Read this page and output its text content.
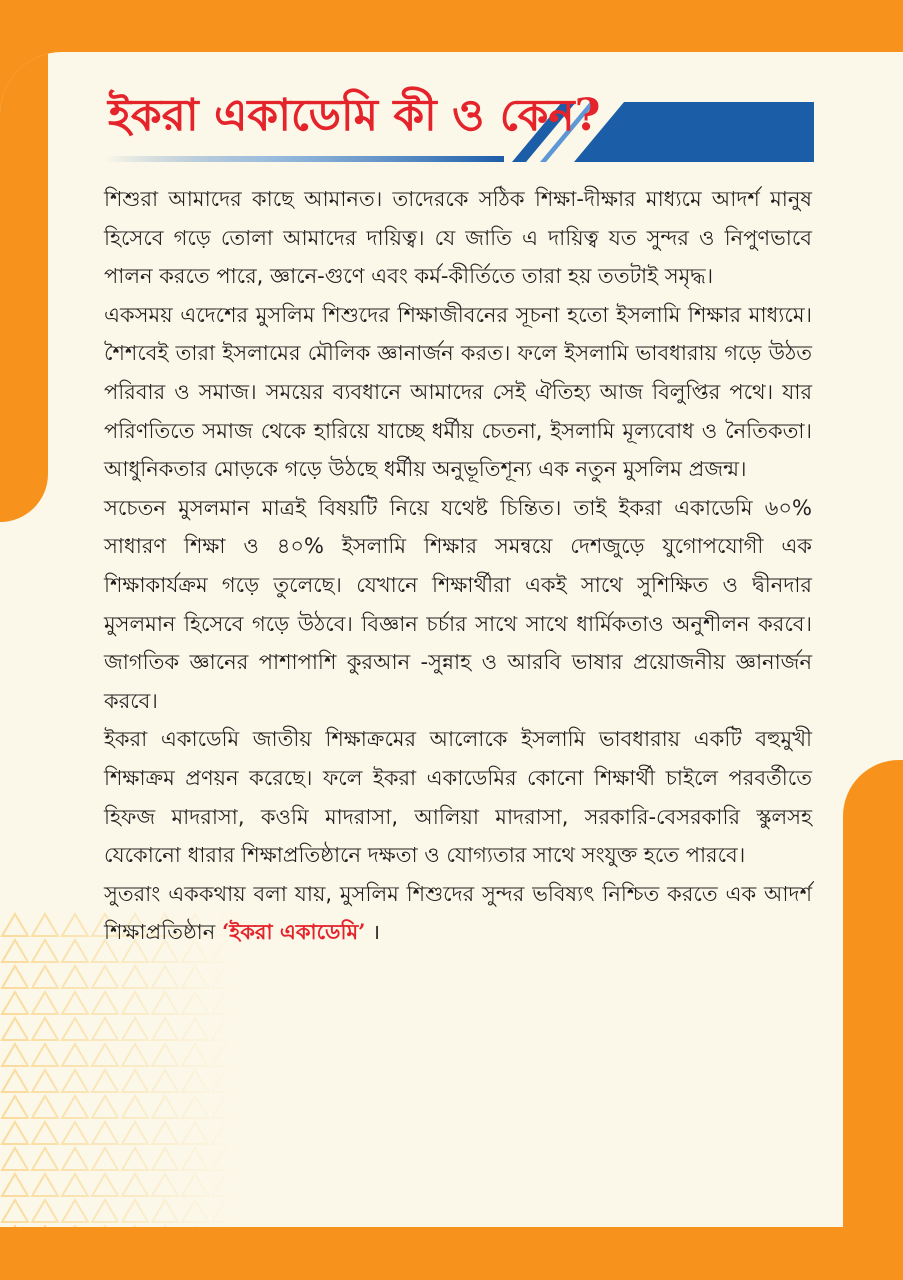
ইকরা একাডেমি কী ও কেন?

শিশুরা আমাদের কাছে আমানত। তাদেরকে সঠিক শিক্ষা-দীক্ষার মাধ্যমে আদর্শ মানুষ হিসেবে গড়ে তোলা আমাদের দায়িত্ব। যে জাতি এ দায়িত্ব যত সুন্দর ও নিপুণভাবে পালন করতে পারে, জ্ঞানে-গুণে এবং কর্ম-কীর্তিতে তারা হয় ততটাই সমৃদ্ধ।

একসময় এদেশের মুসলিম শিশুদের শিক্ষাজীবনের সূচনা হতো ইসলামি শিক্ষার মাধ্যমে। শৈশবেই তারা ইসলামের মৌলিক জ্ঞানার্জন করত। ফলে ইসলামি ভাবধারায় গড়ে উঠত পরিবার ও সমাজ। সময়ের ব্যবধানে আমাদের সেই ঐতিহ্য আজ বিলুপ্তির পথে। যার পরিণতিতে সমাজ থেকে হারিয়ে যাচ্ছে ধর্মীয় চেতনা, ইসলামি মূল্যবোধ ও নৈতিকতা। আধুনিকতার মোড়কে গড়ে উঠছে ধর্মীয় অনুভূতিশূন্য এক নতুন মুসলিম প্রজন্ম।

সচেতন মুসলমান মাত্রই বিষয়টি নিয়ে যথেষ্ট চিন্তিত। তাই ইকরা একাডেমি ৬০% সাধারণ শিক্ষা ও ৪০% ইসলামি শিক্ষার সমন্বয়ে দেশজুড়ে যুগোপযোগী এক শিক্ষাকার্যক্রম গড়ে তুলেছে। যেখানে শিক্ষার্থীরা একই সাথে সুশিক্ষিত ও দ্বীনদার মুসলমান হিসেবে গড়ে উঠবে। বিজ্ঞান চর্চার সাথে সাথে ধার্মিকতাও অনুশীলন করবে। জাগতিক জ্ঞানের পাশাপাশি কুরআন -সুন্নাহ ও আরবি ভাষার প্রয়োজনীয় জ্ঞানার্জন করবে।

ইকরা একাডেমি জাতীয় শিক্ষাক্রমের আলোকে ইসলামি ভাবধারায় একটি বহুমুখী শিক্ষাক্রম প্রণয়ন করেছে। ফলে ইকরা একাডেমির কোনো শিক্ষার্থী চাইলে পরবর্তীতে হিফজ মাদরাসা, কওমি মাদরাসা, আলিয়া মাদরাসা, সরকারি-বেসরকারি স্কুলসহ যেকোনো ধারার শিক্ষাপ্রতিষ্ঠানে দক্ষতা ও যোগ্যতার সাথে সংযুক্ত হতে পারবে।

সুতরাং এককথায় বলা যায়, মুসলিম শিশুদের সুন্দর ভবিষ্যৎ নিশ্চিত করতে এক আদর্শ শিক্ষাপ্রতিষ্ঠান ‘ইকরা একাডেমি’ ।
